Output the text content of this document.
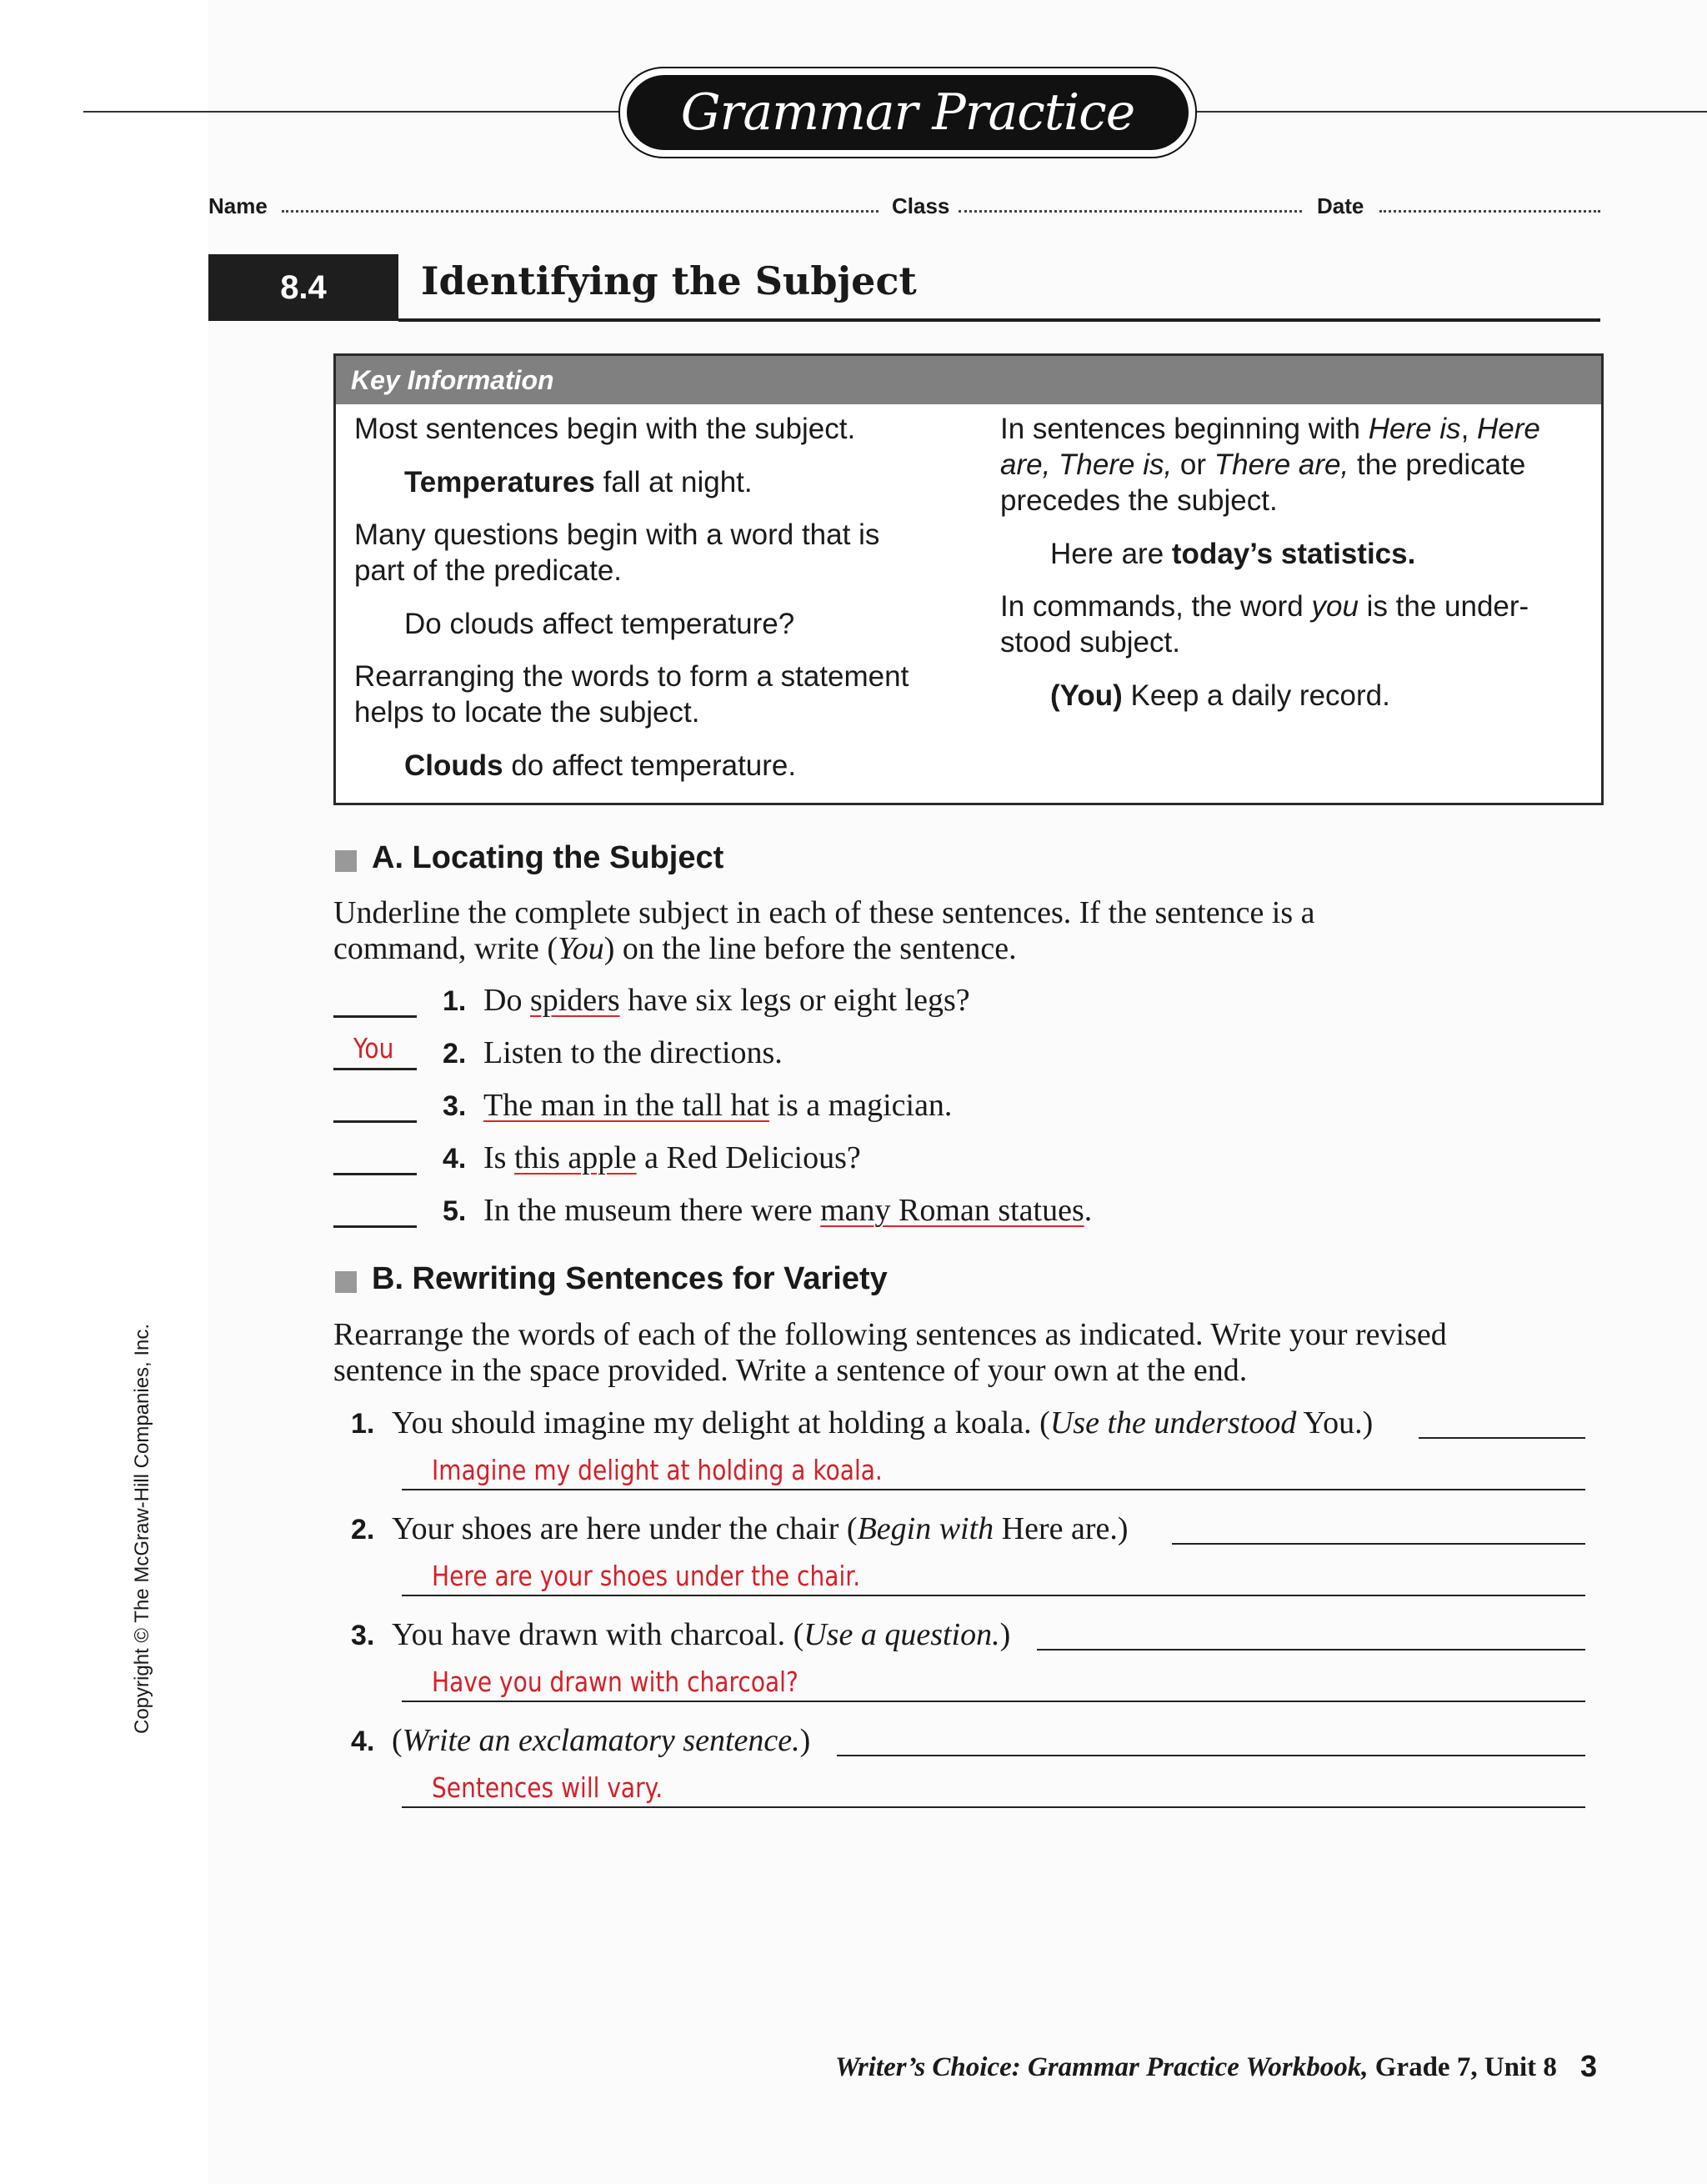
Grammar Practice
Name	Class	Date
8.4	Identifying the Subject
Key Information
Most sentences begin with the subject.
Temperatures fall at night.
Many questions begin with a word that is
part of the predicate.
Do clouds affect temperature?
Rearranging the words to form a statement
helps to locate the subject.
Clouds do affect temperature.
In sentences beginning with Here is, Here
are, There is, or There are, the predicate
precedes the subject.
Here are today’s statistics.
In commands, the word you is the under-
stood subject.
(You) Keep a daily record.
A. Locating the Subject
Underline the complete subject in each of these sentences. If the sentence is a
command, write (You) on the line before the sentence.
1. Do spiders have six legs or eight legs?
You 2. Listen to the directions.
3. The man in the tall hat is a magician.
4. Is this apple a Red Delicious?
5. In the museum there were many Roman statues.
B. Rewriting Sentences for Variety
Rearrange the words of each of the following sentences as indicated. Write your revised
sentence in the space provided. Write a sentence of your own at the end.
1. You should imagine my delight at holding a koala. (Use the understood You.)
Imagine my delight at holding a koala.
2. Your shoes are here under the chair (Begin with Here are.)
Here are your shoes under the chair.
3. You have drawn with charcoal. (Use a question.)
Have you drawn with charcoal?
4. (Write an exclamatory sentence.)
Sentences will vary.
Copyright © The McGraw-Hill Companies, Inc.
Writer’s Choice: Grammar Practice Workbook, Grade 7, Unit 8 3
